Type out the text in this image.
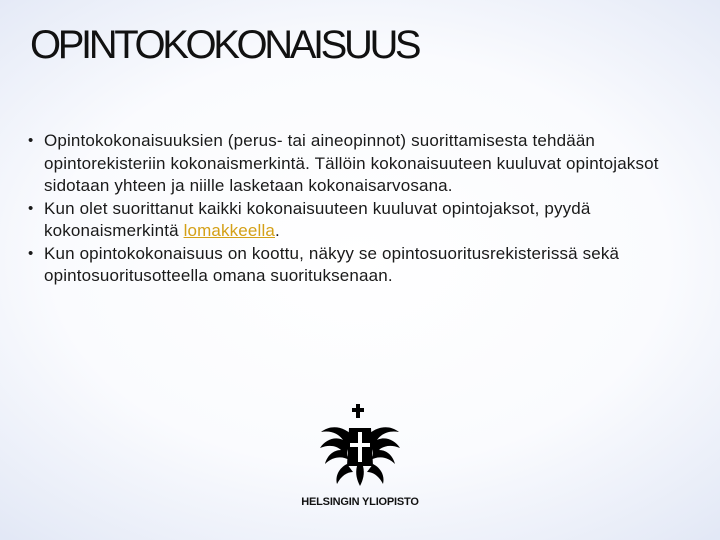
OPINTOKOKONAISUUS
• Opintokokonaisuuksien (perus- tai aineopinnot) suorittamisesta tehdään opintorekisteriin kokonaismerkintä. Tällöin kokonaisuuteen kuuluvat opintojaksot sidotaan yhteen ja niille lasketaan kokonaisarvosana.
• Kun olet suorittanut kaikki kokonaisuuteen kuuluvat opintojaksot, pyydä kokonaismerkintä lomakkeella.
• Kun opintokokonaisuus on koottu, näkyy se opintosuoritusrekisterissä sekä opintosuoritusotteella omana suorituksenaan.
HELSINGIN YLIOPISTO
